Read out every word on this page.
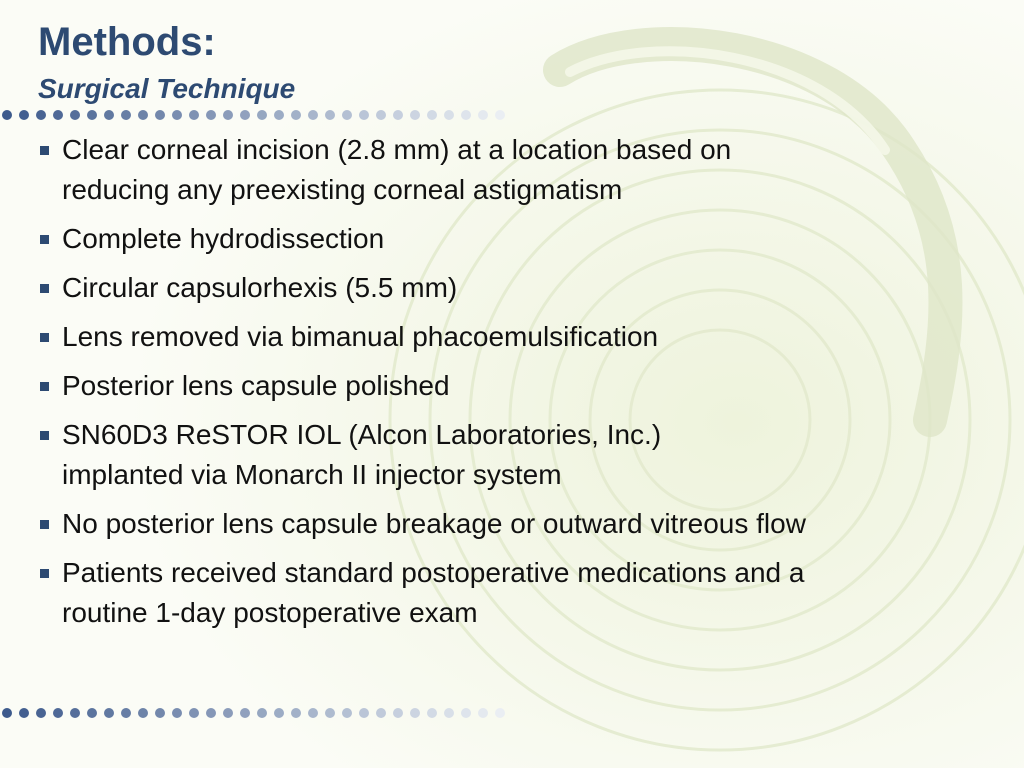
Methods:
Surgical Technique
Clear corneal incision (2.8 mm) at a location based on
reducing any preexisting corneal astigmatism
Complete hydrodissection
Circular capsulorhexis (5.5 mm)
Lens removed via bimanual phacoemulsification
Posterior lens capsule polished
SN60D3 ReSTOR IOL (Alcon Laboratories, Inc.)
implanted via Monarch II injector system
No posterior lens capsule breakage or outward vitreous flow
Patients received standard postoperative medications and a
routine 1-day postoperative exam
